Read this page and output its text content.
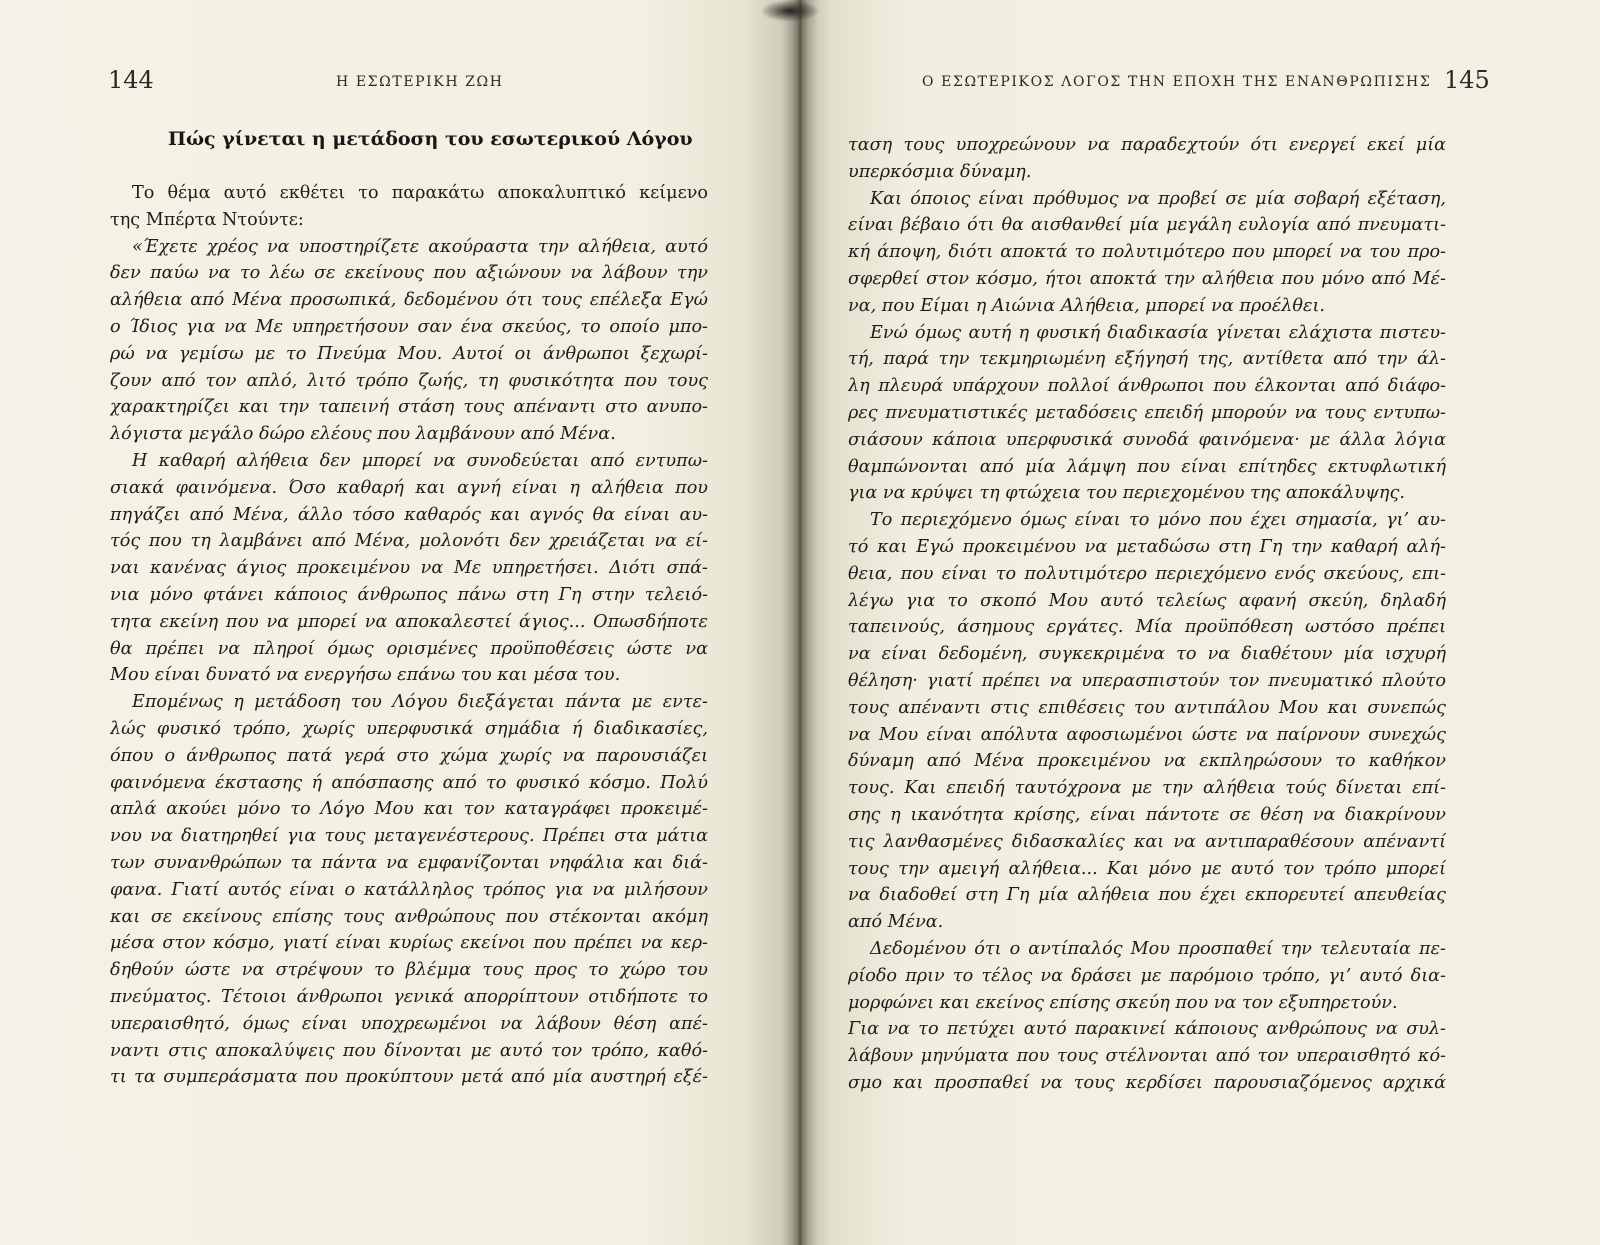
144	Η ΕΣΩΤΕΡΙΚΗ ΖΩΗ	Ο ΕΣΩΤΕΡΙΚΟΣ ΛΟΓΟΣ ΤΗΝ ΕΠΟΧΗ ΤΗΣ ΕΝΑΝΘΡΩΠΙΣΗΣ 145
Πώς γίνεται η μετάδοση του εσωτερικού Λόγου
Το θέμα αυτό εκθέτει το παρακάτω αποκαλυπτικό κείμενο
της Μπέρτα Ντούντε:
«Έχετε χρέος να υποστηρίζετε ακούραστα την αλήθεια, αυτό
δεν παύω να το λέω σε εκείνους που αξιώνουν να λάβουν την
αλήθεια από Μένα προσωπικά, δεδομένου ότι τους επέλεξα Εγώ
ο Ίδιος για να Με υπηρετήσουν σαν ένα σκεύος, το οποίο μπο-
ρώ να γεμίσω με το Πνεύμα Μου. Αυτοί οι άνθρωποι ξεχωρί-
ζουν από τον απλό, λιτό τρόπο ζωής, τη φυσικότητα που τους
χαρακτηρίζει και την ταπεινή στάση τους απέναντι στο ανυπο-
λόγιστα μεγάλο δώρο ελέους που λαμβάνουν από Μένα.
Η καθαρή αλήθεια δεν μπορεί να συνοδεύεται από εντυπω-
σιακά φαινόμενα. Όσο καθαρή και αγνή είναι η αλήθεια που
πηγάζει από Μένα, άλλο τόσο καθαρός και αγνός θα είναι αυ-
τός που τη λαμβάνει από Μένα, μολονότι δεν χρειάζεται να εί-
ναι κανένας άγιος προκειμένου να Με υπηρετήσει. Διότι σπά-
νια μόνο φτάνει κάποιος άνθρωπος πάνω στη Γη στην τελειό-
τητα εκείνη που να μπορεί να αποκαλεστεί άγιος... Οπωσδήποτε
θα πρέπει να πληροί όμως ορισμένες προϋποθέσεις ώστε να
Μου είναι δυνατό να ενεργήσω επάνω του και μέσα του.
Επομένως η μετάδοση του Λόγου διεξάγεται πάντα με εντε-
λώς φυσικό τρόπο, χωρίς υπερφυσικά σημάδια ή διαδικασίες,
όπου ο άνθρωπος πατά γερά στο χώμα χωρίς να παρουσιάζει
φαινόμενα έκστασης ή απόσπασης από το φυσικό κόσμο. Πολύ
απλά ακούει μόνο το Λόγο Μου και τον καταγράφει προκειμέ-
νου να διατηρηθεί για τους μεταγενέστερους. Πρέπει στα μάτια
των συνανθρώπων τα πάντα να εμφανίζονται νηφάλια και διά-
φανα. Γιατί αυτός είναι ο κατάλληλος τρόπος για να μιλήσουν
και σε εκείνους επίσης τους ανθρώπους που στέκονται ακόμη
μέσα στον κόσμο, γιατί είναι κυρίως εκείνοι που πρέπει να κερ-
δηθούν ώστε να στρέψουν το βλέμμα τους προς το χώρο του
πνεύματος. Τέτοιοι άνθρωποι γενικά απορρίπτουν οτιδήποτε το
υπεραισθητό, όμως είναι υποχρεωμένοι να λάβουν θέση απέ-
ναντι στις αποκαλύψεις που δίνονται με αυτό τον τρόπο, καθό-
τι τα συμπεράσματα που προκύπτουν μετά από μία αυστηρή εξέ-
ταση τους υποχρεώνουν να παραδεχτούν ότι ενεργεί εκεί μία
υπερκόσμια δύναμη.
Και όποιος είναι πρόθυμος να προβεί σε μία σοβαρή εξέταση,
είναι βέβαιο ότι θα αισθανθεί μία μεγάλη ευλογία από πνευματι-
κή άποψη, διότι αποκτά το πολυτιμότερο που μπορεί να του προ-
σφερθεί στον κόσμο, ήτοι αποκτά την αλήθεια που μόνο από Μέ-
να, που Είμαι η Αιώνια Αλήθεια, μπορεί να προέλθει.
Ενώ όμως αυτή η φυσική διαδικασία γίνεται ελάχιστα πιστευ-
τή, παρά την τεκμηριωμένη εξήγησή της, αντίθετα από την άλ-
λη πλευρά υπάρχουν πολλοί άνθρωποι που έλκονται από διάφο-
ρες πνευματιστικές μεταδόσεις επειδή μπορούν να τους εντυπω-
σιάσουν κάποια υπερφυσικά συνοδά φαινόμενα· με άλλα λόγια
θαμπώνονται από μία λάμψη που είναι επίτηδες εκτυφλωτική
για να κρύψει τη φτώχεια του περιεχομένου της αποκάλυψης.
Το περιεχόμενο όμως είναι το μόνο που έχει σημασία, γι’ αυ-
τό και Εγώ προκειμένου να μεταδώσω στη Γη την καθαρή αλή-
θεια, που είναι το πολυτιμότερο περιεχόμενο ενός σκεύους, επι-
λέγω για το σκοπό Μου αυτό τελείως αφανή σκεύη, δηλαδή
ταπεινούς, άσημους εργάτες. Μία προϋπόθεση ωστόσο πρέπει
να είναι δεδομένη, συγκεκριμένα το να διαθέτουν μία ισχυρή
θέληση· γιατί πρέπει να υπερασπιστούν τον πνευματικό πλούτο
τους απέναντι στις επιθέσεις του αντιπάλου Μου και συνεπώς
να Μου είναι απόλυτα αφοσιωμένοι ώστε να παίρνουν συνεχώς
δύναμη από Μένα προκειμένου να εκπληρώσουν το καθήκον
τους. Και επειδή ταυτόχρονα με την αλήθεια τούς δίνεται επί-
σης η ικανότητα κρίσης, είναι πάντοτε σε θέση να διακρίνουν
τις λανθασμένες διδασκαλίες και να αντιπαραθέσουν απέναντί
τους την αμειγή αλήθεια... Και μόνο με αυτό τον τρόπο μπορεί
να διαδοθεί στη Γη μία αλήθεια που έχει εκπορευτεί απευθείας
από Μένα.
Δεδομένου ότι ο αντίπαλός Μου προσπαθεί την τελευταία πε-
ρίοδο πριν το τέλος να δράσει με παρόμοιο τρόπο, γι’ αυτό δια-
μορφώνει και εκείνος επίσης σκεύη που να τον εξυπηρετούν.
Για να το πετύχει αυτό παρακινεί κάποιους ανθρώπους να συλ-
λάβουν μηνύματα που τους στέλνονται από τον υπεραισθητό κό-
σμο και προσπαθεί να τους κερδίσει παρουσιαζόμενος αρχικά
